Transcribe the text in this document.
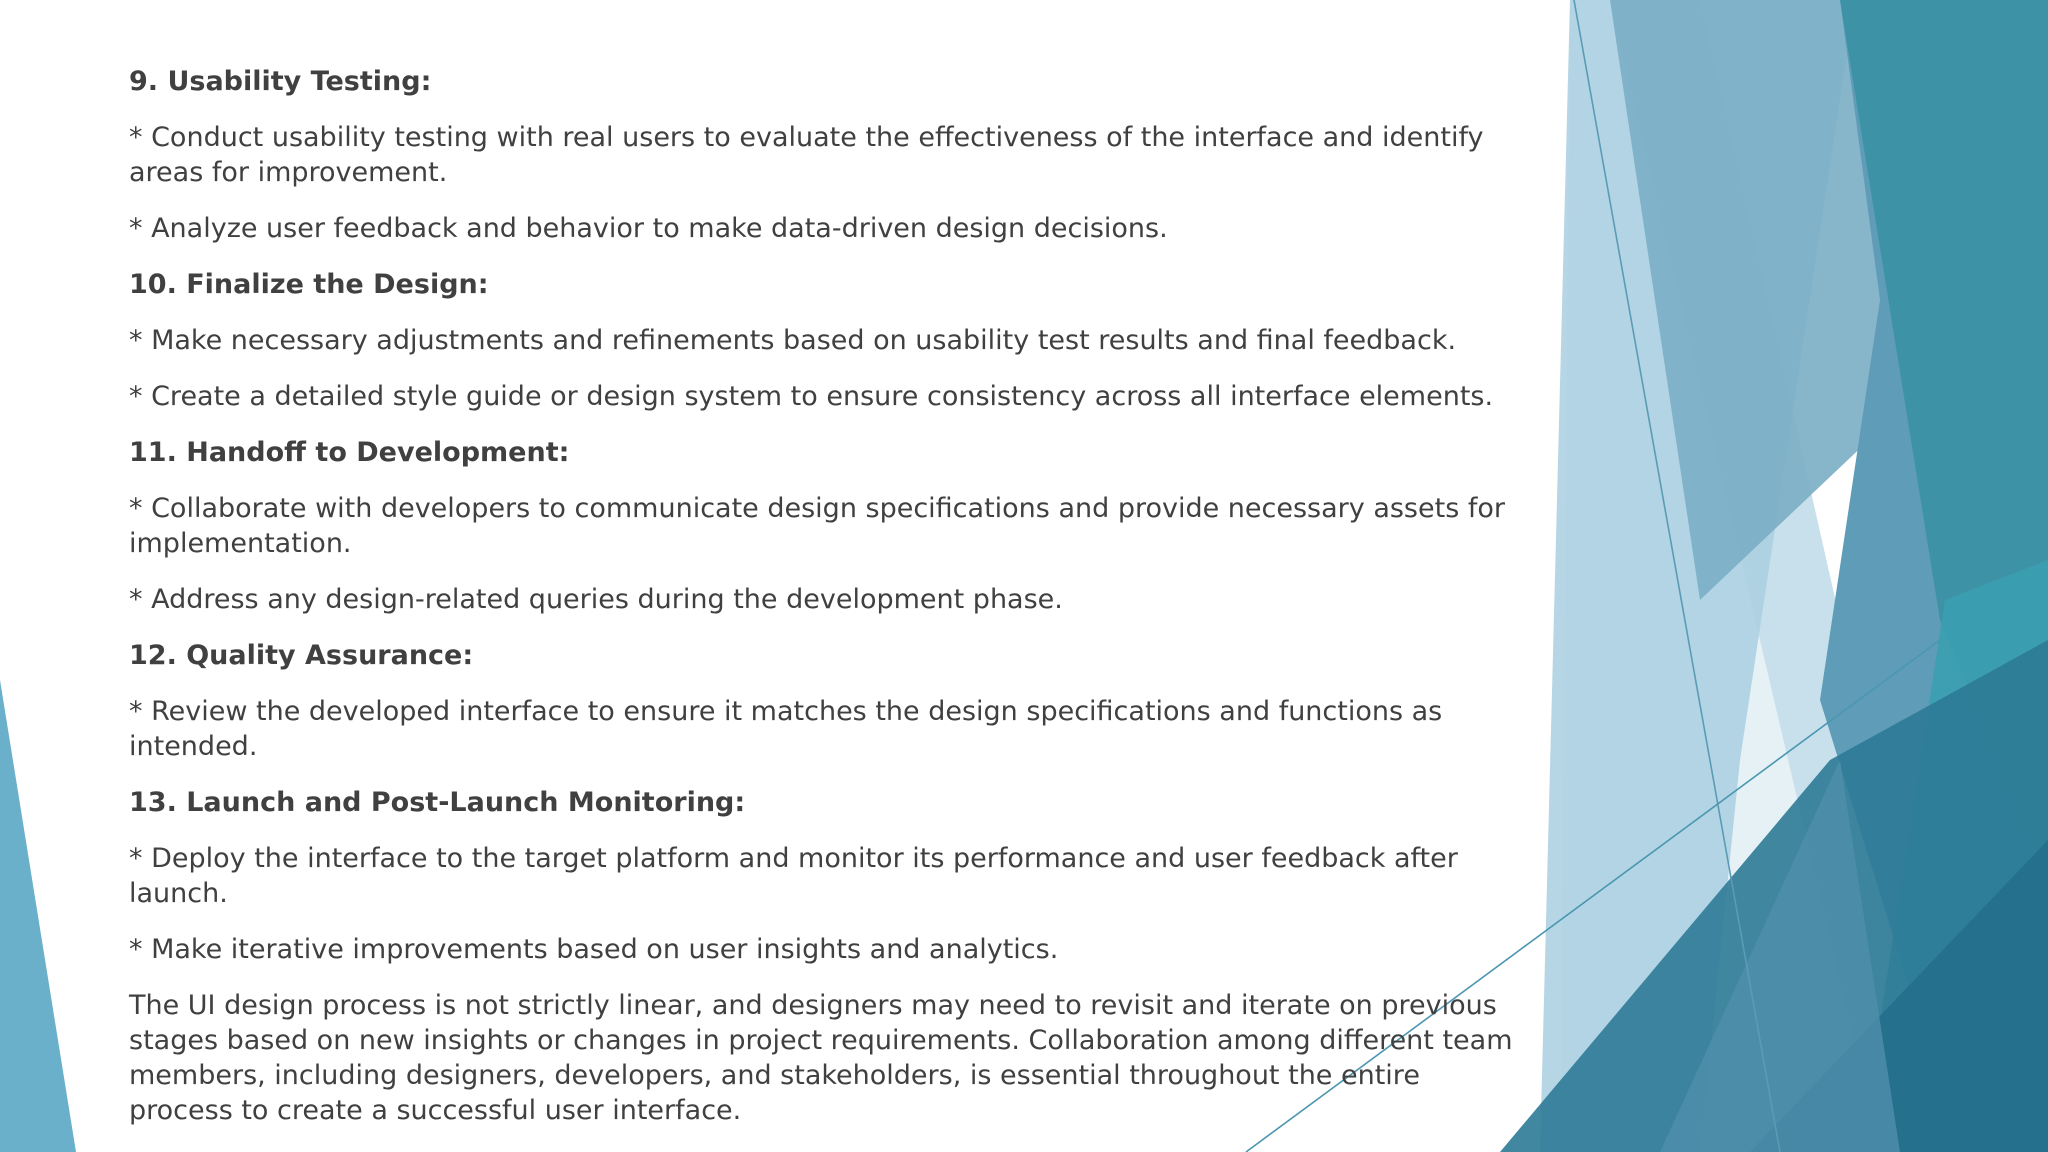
9. Usability Testing:

* Conduct usability testing with real users to evaluate the effectiveness of the interface and identify areas for improvement.

* Analyze user feedback and behavior to make data-driven design decisions.

10. Finalize the Design:

* Make necessary adjustments and refinements based on usability test results and final feedback.

* Create a detailed style guide or design system to ensure consistency across all interface elements.

11. Handoff to Development:

* Collaborate with developers to communicate design specifications and provide necessary assets for implementation.

* Address any design-related queries during the development phase.

12. Quality Assurance:

* Review the developed interface to ensure it matches the design specifications and functions as intended.

13. Launch and Post-Launch Monitoring:

* Deploy the interface to the target platform and monitor its performance and user feedback after launch.

* Make iterative improvements based on user insights and analytics.

The UI design process is not strictly linear, and designers may need to revisit and iterate on previous stages based on new insights or changes in project requirements. Collaboration among different team members, including designers, developers, and stakeholders, is essential throughout the entire process to create a successful user interface.
